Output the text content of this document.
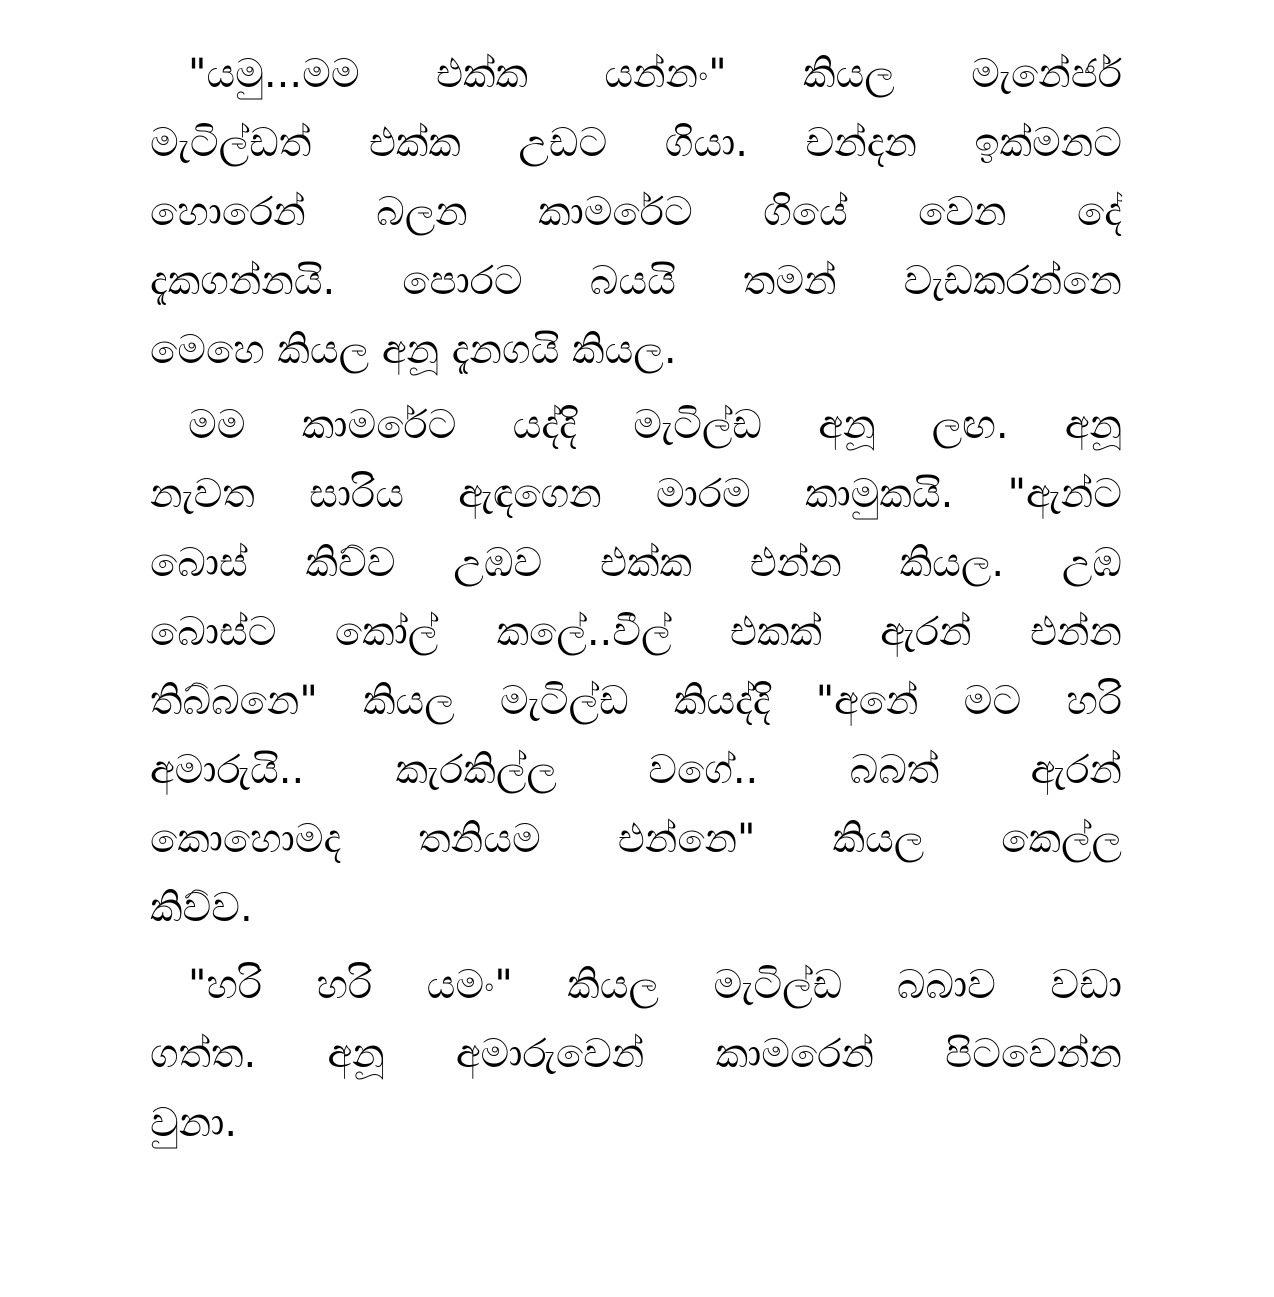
"යමු...මම එක්ක යන්නං" කියල මැනේජර්
මැටිල්ඩත් එක්ක උඩට ගියා. චන්දන ඉක්මනට
හොරෙන් බලන කාමරේට ගියේ වෙන දේ
දැකගන්නයි. පොරට බයයි තමන් වැඩකරන්නෙ
මෙහෙ කියල අනූ දැනගයි කියල.
මම කාමරේට යද්දි මැටිල්ඩ අනූ ලඟ. අනූ
නැවත සාරිය ඇඳගෙන මාරම කාමුකයි. "ඇන්ට
බොස් කිව්ව උඹව එක්ක එන්න කියල. උඹ
බොස්ට කෝල් කලේ..වීල් එකක් ඇරන් එන්න
තිබ්බනෙ" කියල මැටිල්ඩ කියද්දි "අනේ මට හරි
අමාරුයි.. කැරකිල්ල වගේ.. බබත් ඇරන්
කොහොමද තනියම එන්නෙ" කියල කෙල්ල
කිව්ව.
"හරි හරි යමං" කියල මැටිල්ඩ බබාව වඩා
ගත්ත. අනූ අමාරුවෙන් කාමරෙන් පිටවෙන්න
වුනා.
